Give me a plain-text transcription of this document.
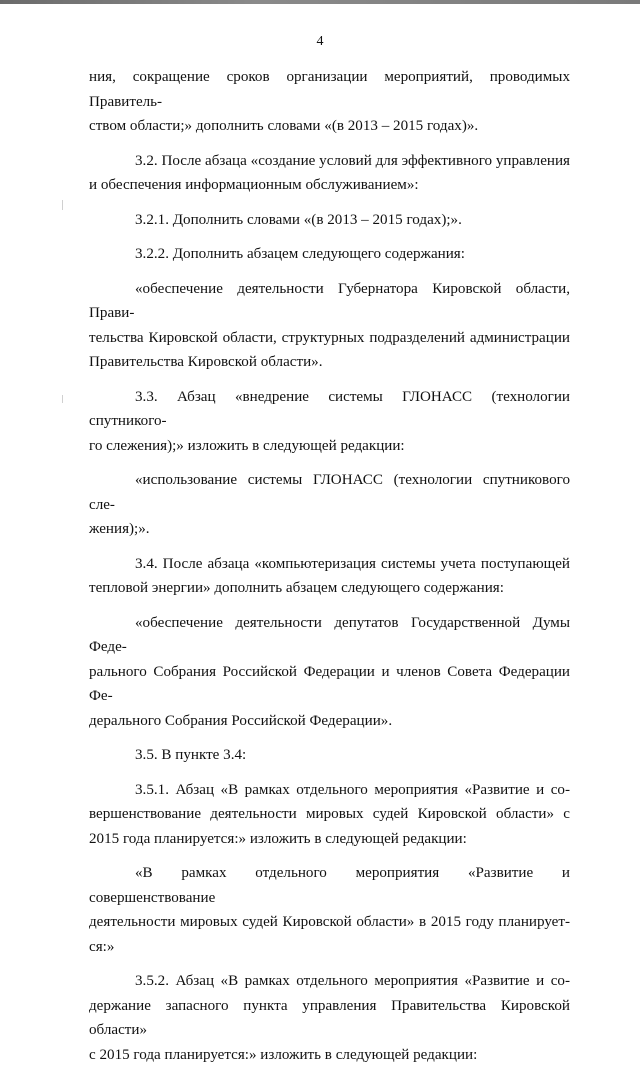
4

ния, сокращение сроков организации мероприятий, проводимых Правитель-
ством области;» дополнить словами «(в 2013 – 2015 годах)».

3.2. После абзаца «создание условий для эффективного управления
и обеспечения информационным обслуживанием»:

3.2.1. Дополнить словами «(в 2013 – 2015 годах);».

3.2.2. Дополнить абзацем следующего содержания:

«обеспечение деятельности Губернатора Кировской области, Прави-
тельства Кировской области, структурных подразделений администрации
Правительства Кировской области».

3.3. Абзац «внедрение системы ГЛОНАСС (технологии спутникого-
го слежения);» изложить в следующей редакции:

«использование системы ГЛОНАСС (технологии спутникового сле-
жения);».

3.4. После абзаца «компьютеризация системы учета поступающей
тепловой энергии» дополнить абзацем следующего содержания:

«обеспечение деятельности депутатов Государственной Думы Феде-
рального Собрания Российской Федерации и членов Совета Федерации Фе-
дерального Собрания Российской Федерации».

3.5. В пункте 3.4:

3.5.1. Абзац «В рамках отдельного мероприятия «Развитие и со-
вершенствование деятельности мировых судей Кировской области» с
2015 года планируется:» изложить в следующей редакции:

«В рамках отдельного мероприятия «Развитие и совершенствование
деятельности мировых судей Кировской области» в 2015 году планирует-
ся:»

3.5.2. Абзац «В рамках отдельного мероприятия «Развитие и со-
держание запасного пункта управления Правительства Кировской области»
с 2015 года планируется:» изложить в следующей редакции:
